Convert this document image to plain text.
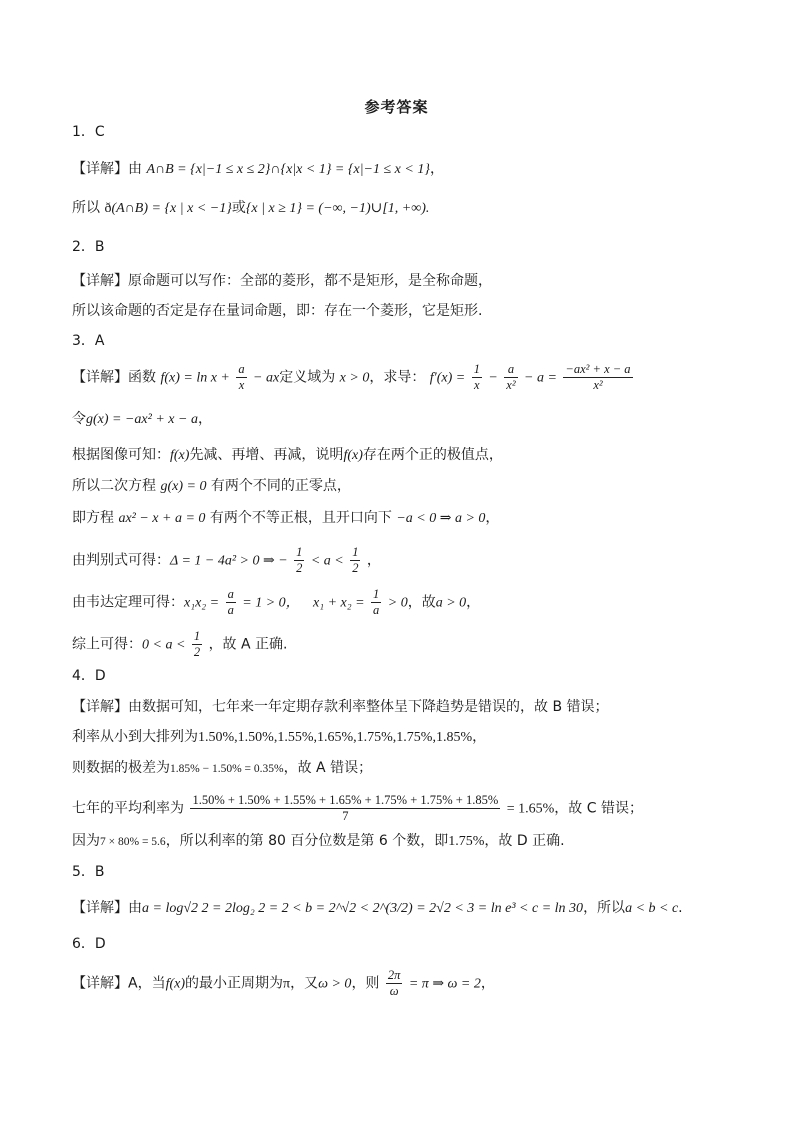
参考答案
1．C
【详解】由 A∩B = {x|−1 ≤ x ≤ 2}∩{x|x < 1} = {x|−1 ≤ x < 1}，
所以 ð(A∩B) = {x | x < −1}或{x | x ≥ 1} = (−∞, −1)∪[1, +∞).
2．B
【详解】原命题可以写作：全部的菱形，都不是矩形，是全称命题，
所以该命题的否定是存在量词命题，即：存在一个菱形，它是矩形.
3．A
【详解】函数 $f(x) = \ln x + \frac{a}{x}$ − ax定义域为 x > 0，求导： $f'(x) = \frac{1}{x} - \frac{a}{\text{x²}} - a = \frac{\text{−ax² + x − a}}{\text{x²}}$
令g(x) = −ax² + x − a，
根据图像可知：f(x)先减、再增、再减，说明f(x)存在两个正的极值点，
所以二次方程 g(x) = 0 有两个不同的正零点，
即方程 ax² − x + a = 0 有两个不等正根，且开口向下 −a < 0 ⇒ a > 0，
由判别式可得：Δ = 1 − 4a² > 0 ⇒ − $\frac{1}{2} < a < \frac{1}{2}$ ，
由韦达定理可得：$x_1x_2 = \frac{a}{a} = 1 > 0$， $x_1 + x_2 = \frac{1}{a} > 0$，故a > 0，
综上可得：$0 < a < \frac{1}{2}$ ，故 A 正确.
4．D
【详解】由数据可知，七年来一年定期存款利率整体呈下降趋势是错误的，故 B 错误；
利率从小到大排列为1.50%,1.50%,1.55%,1.65%,1.75%,1.75%,1.85%，
则数据的极差为1.85% − 1.50% = 0.35%，故 A 错误；
七年的平均利率为 $\frac{1.50\% + 1.50\% + 1.55\% + 1.65\% + 1.75\% + 1.75\% + 1.85\%}{7} = 1.65\%$，故 C 错误；
因为7 × 80% = 5.6，所以利率的第 80 百分位数是第 6 个数，即1.75%，故 D 正确.
5．B
【详解】由a = log√2 2 = 2log₂ 2 = 2 < b = 2^√2 < 2^(3/2) = 2√2 < 3 = ln e³ < c = ln 30，所以a < b < c.
6．D
【详解】A，当f(x)的最小正周期为π，又ω > 0，则 $\frac{2\pi}{\omega} = \pi$ ⇒ ω = 2，
